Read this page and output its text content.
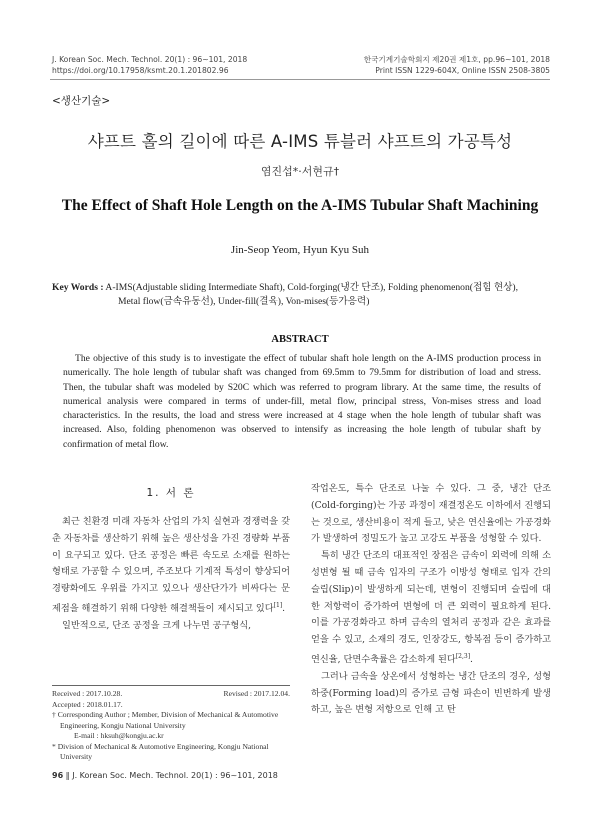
J. Korean Soc. Mech. Technol. 20(1) : 96~101, 2018
https://doi.org/10.17958/ksmt.20.1.201802.96
한국기계기술학회지 제20권 제1호, pp.96~101, 2018
Print ISSN 1229-604X, Online ISSN 2508-3805
<생산기술>
샤프트 홀의 길이에 따른 A-IMS 튜블러 샤프트의 가공특성
염진섭*·서현규†
The Effect of Shaft Hole Length on the A-IMS Tubular Shaft Machining
Jin-Seop Yeom, Hyun Kyu Suh
Key Words : A-IMS(Adjustable sliding Intermediate Shaft), Cold-forging(냉간 단조), Folding phenomenon(접힘 현상),
Metal flow(금속유동선), Under-fill(결육), Von-mises(등가응력)
ABSTRACT
The objective of this study is to investigate the effect of tubular shaft hole length on the A-IMS production process in numerically. The hole length of tubular shaft was changed from 69.5mm to 79.5mm for distribution of load and stress. Then, the tubular shaft was modeled by S20C which was referred to program library. At the same time, the results of numerical analysis were compared in terms of under-fill, metal flow, principal stress, Von-mises stress and load characteristics. In the results, the load and stress were increased at 4 stage when the hole length of tubular shaft was increased. Also, folding phenomenon was observed to intensify as increasing the hole length of tubular shaft by confirmation of metal flow.
1. 서 론

최근 친환경 미래 자동차 산업의 가치 실현과 경쟁력을 갖춘 자동차를 생산하기 위해 높은 생산성을 가진 경량화 부품이 요구되고 있다. 단조 공정은 빠른 속도로 소재를 원하는 형태로 가공할 수 있으며, 주조보다 기계적 특성이 향상되어 경량화에도 우위를 가지고 있으나 생산단가가 비싸다는 문제점을 해결하기 위해 다양한 해결책들이 제시되고 있다[1].

일반적으로, 단조 공정을 크게 나누면 공구형식,

Received : 2017.10.28.	Revised : 2017.12.04.
Accepted : 2018.01.17.
† Corresponding Author ; Member, Division of Mechanical & Automotive Engineering, Kongju National University
E-mail : hksuh@kongju.ac.kr
* Division of Mechanical & Automotive Engineering, Kongju National University

작업온도, 특수 단조로 나눌 수 있다. 그 중, 냉간 단조(Cold-forging)는 가공 과정이 재결정온도 이하에서 진행되는 것으로, 생산비용이 적게 들고, 낮은 연신율에는 가공경화가 발생하여 정밀도가 높고 고강도 부품을 성형할 수 있다.

특히 냉간 단조의 대표적인 장점은 금속이 외력에 의해 소성변형 될 때 금속 입자의 구조가 이방성 형태로 입자 간의 슬립(Slip)이 발생하게 되는데, 변형이 진행되며 슬립에 대한 저항력이 증가하여 변형에 더 큰 외력이 필요하게 된다. 이를 가공경화라고 하며 금속의 열처리 공정과 같은 효과를 얻을 수 있고, 소재의 경도, 인장강도, 항복점 등이 증가하고 연신율, 단면수축률은 감소하게 된다[2,3].

그러나 금속을 상온에서 성형하는 냉간 단조의 경우, 성형 하중(Forming load)의 증가로 금형 파손이 빈번하게 발생하고, 높은 변형 저항으로 인해 고 탄

96 ‖ J. Korean Soc. Mech. Technol. 20(1) : 96~101, 2018
